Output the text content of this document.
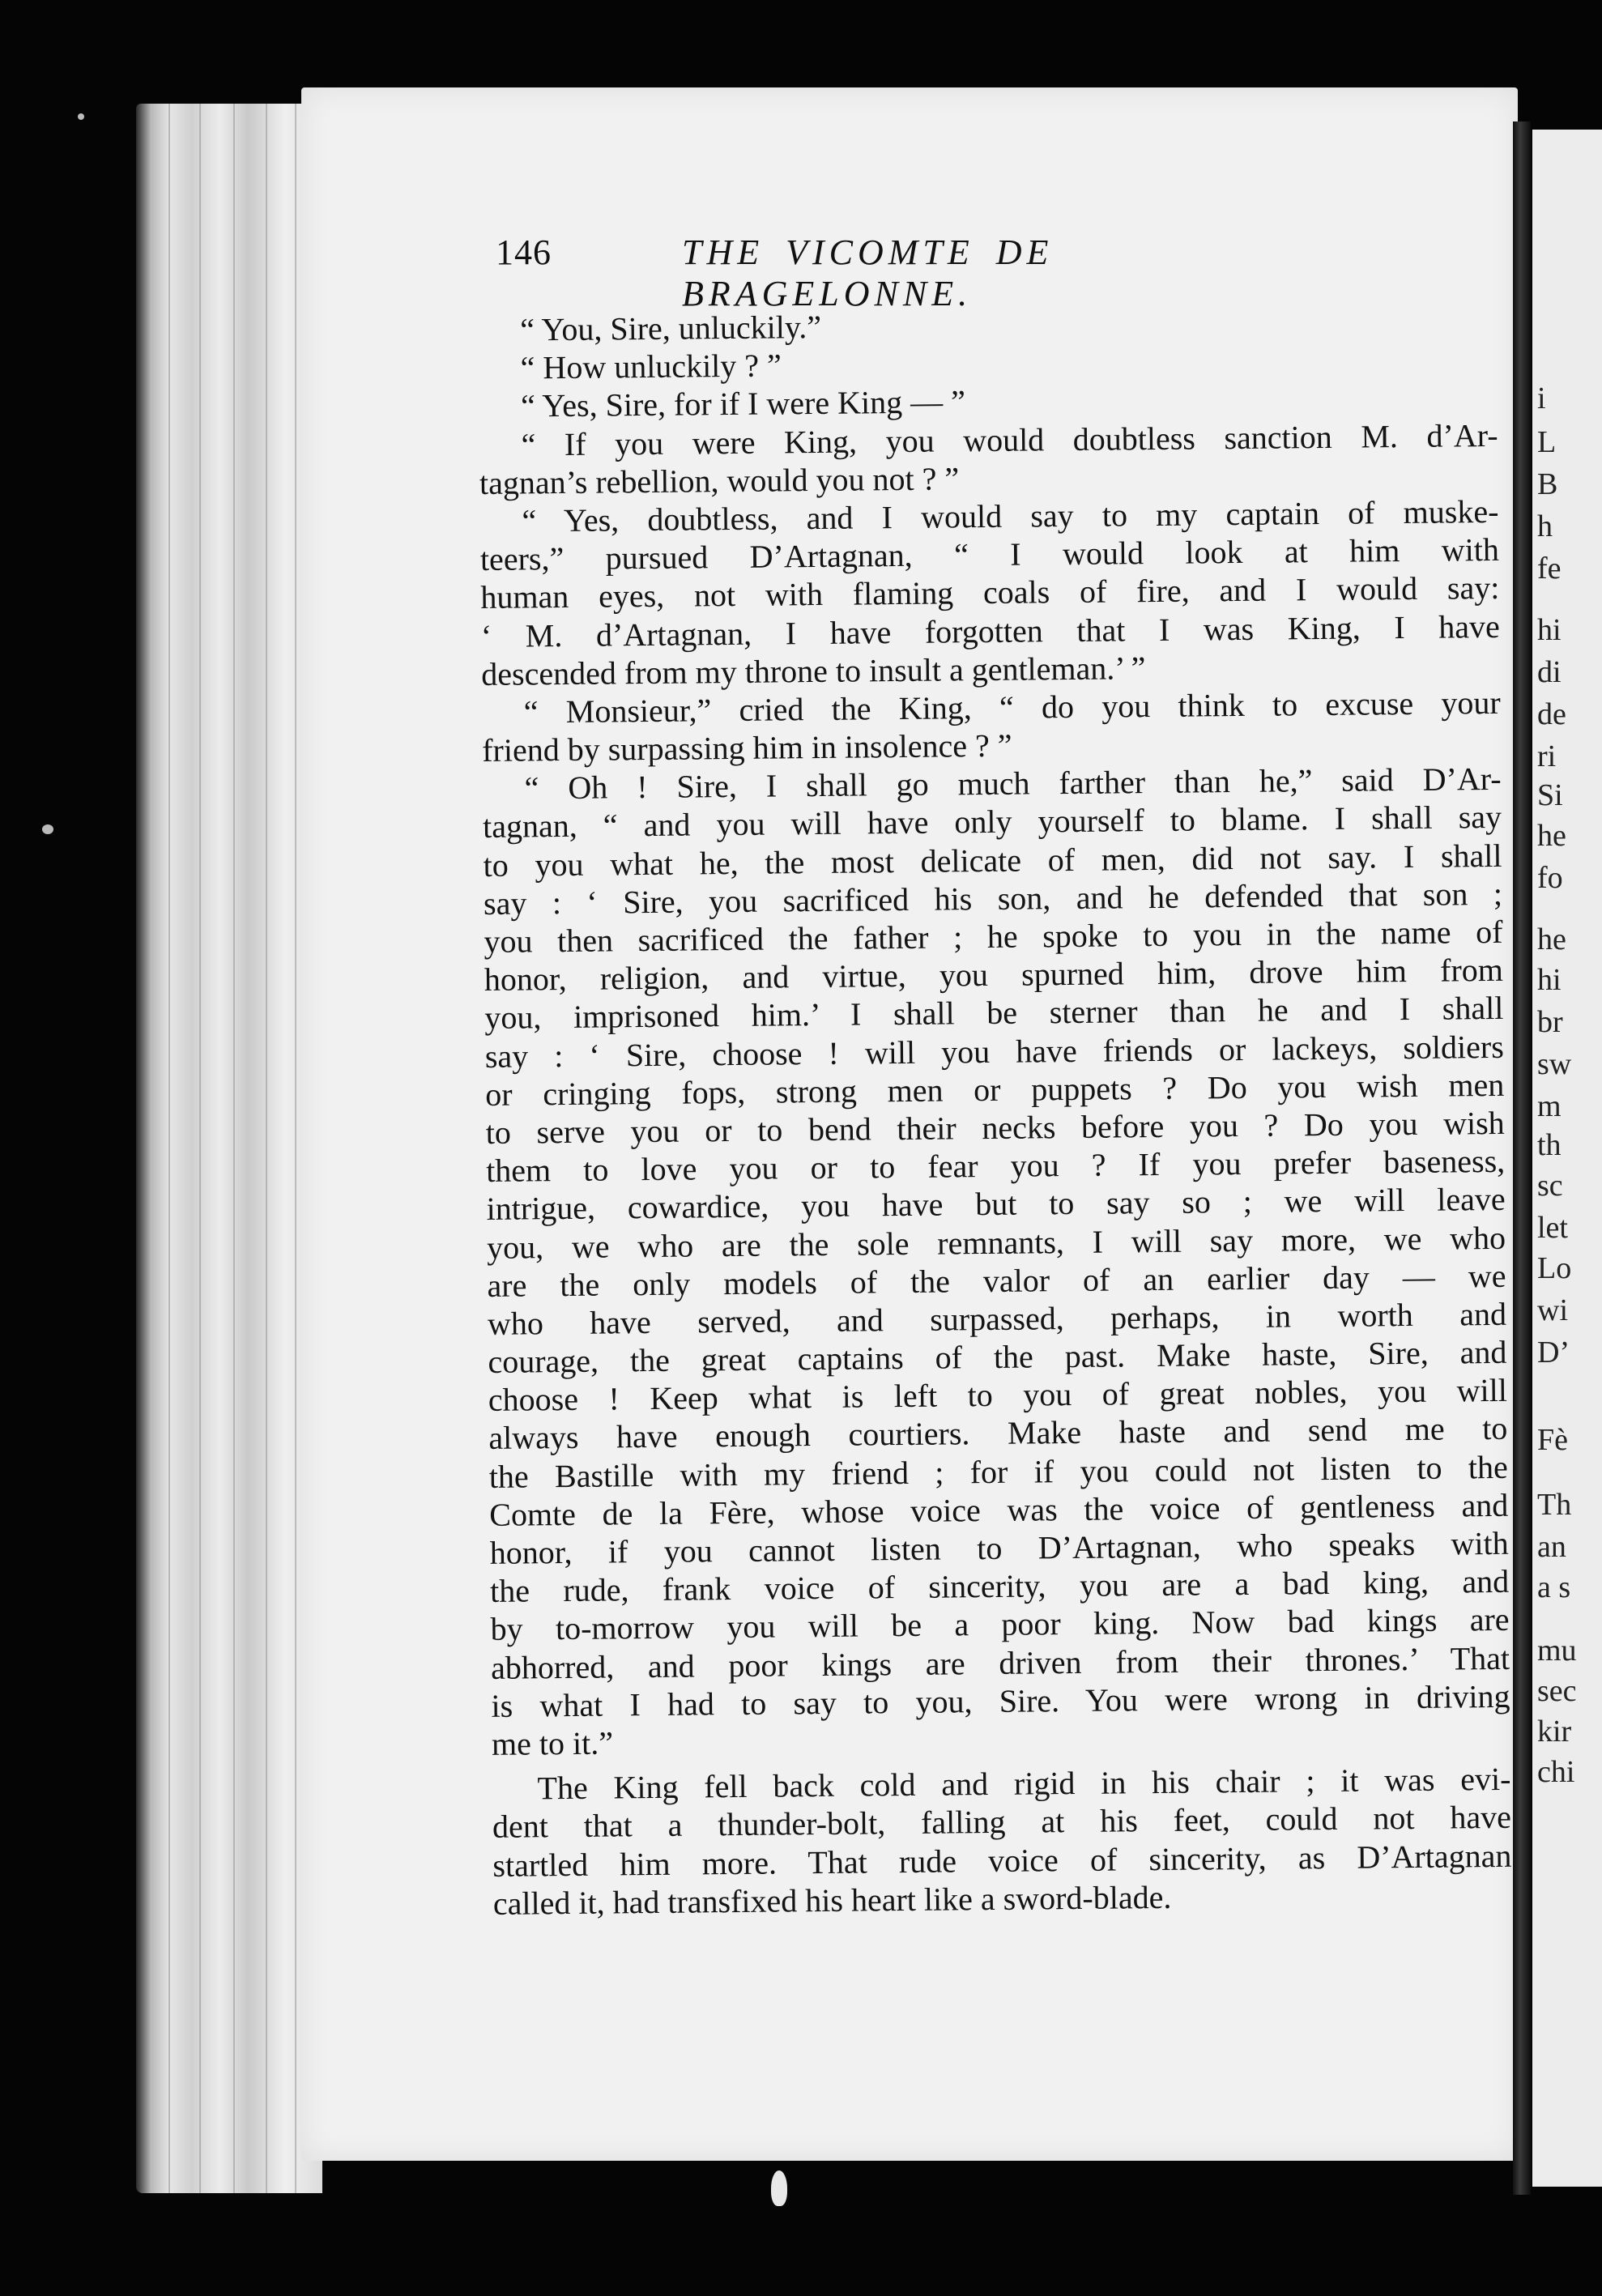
i
L
B
h
fe
hi
di
de
ri
Si
he
fo
he
hi
br
sw
m
th
sc
let
Lo
wi
D’
Fè
Th
an
a s
mu
sec
kir
chi
146	THE VICOMTE DE BRAGELONNE.
“ You, Sire, unluckily.”
“ How unluckily ? ”
“ Yes, Sire, for if I were King — ”
“ If you were King, you would doubtless sanction M. d’Ar-
tagnan’s rebellion, would you not ? ”
“ Yes, doubtless, and I would say to my captain of muske-
teers,” pursued D’Artagnan, “ I would look at him with
human eyes, not with flaming coals of fire, and I would say:
‘ M. d’Artagnan, I have forgotten that I was King, I have
descended from my throne to insult a gentleman.’ ”
“ Monsieur,” cried the King, “ do you think to excuse your
friend by surpassing him in insolence ? ”
“ Oh ! Sire, I shall go much farther than he,” said D’Ar-
tagnan, “ and you will have only yourself to blame. I shall say
to you what he, the most delicate of men, did not say. I shall
say : ‘ Sire, you sacrificed his son, and he defended that son ;
you then sacrificed the father ; he spoke to you in the name of
honor, religion, and virtue, you spurned him, drove him from
you, imprisoned him.’ I shall be sterner than he and I shall
say : ‘ Sire, choose ! will you have friends or lackeys, soldiers
or cringing fops, strong men or puppets ? Do you wish men
to serve you or to bend their necks before you ? Do you wish
them to love you or to fear you ? If you prefer baseness,
intrigue, cowardice, you have but to say so ; we will leave
you, we who are the sole remnants, I will say more, we who
are the only models of the valor of an earlier day — we
who have served, and surpassed, perhaps, in worth and
courage, the great captains of the past. Make haste, Sire, and
choose ! Keep what is left to you of great nobles, you will
always have enough courtiers. Make haste and send me to
the Bastille with my friend ; for if you could not listen to the
Comte de la Fère, whose voice was the voice of gentleness and
honor, if you cannot listen to D’Artagnan, who speaks with
the rude, frank voice of sincerity, you are a bad king, and
by to-morrow you will be a poor king. Now bad kings are
abhorred, and poor kings are driven from their thrones.’ That
is what I had to say to you, Sire. You were wrong in driving
me to it.”
The King fell back cold and rigid in his chair ; it was evi-
dent that a thunder-bolt, falling at his feet, could not have
startled him more. That rude voice of sincerity, as D’Artagnan
called it, had transfixed his heart like a sword-blade.
